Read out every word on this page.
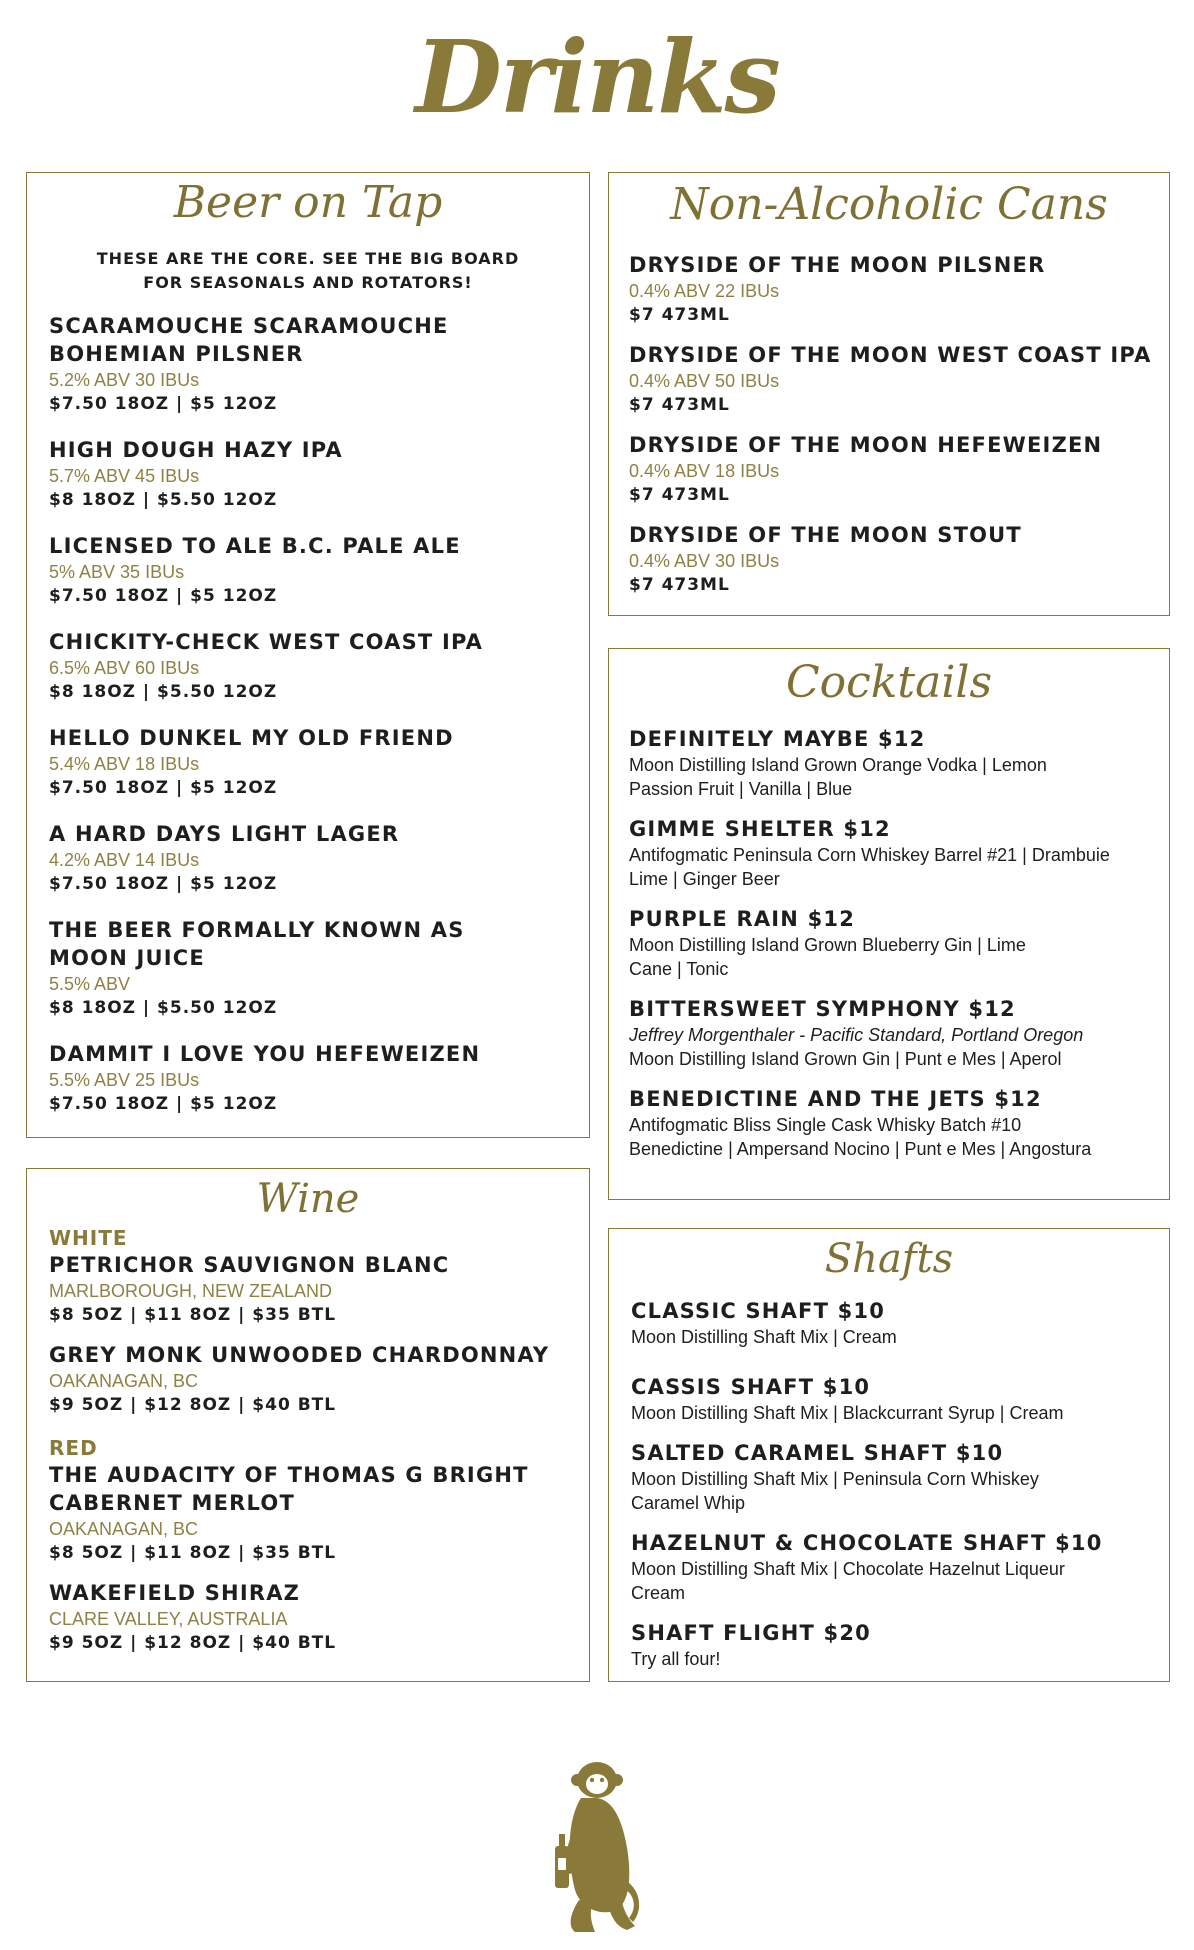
Drinks
Beer on Tap
THESE ARE THE CORE. SEE THE BIG BOARD
FOR SEASONALS AND ROTATORS!
SCARAMOUCHE SCARAMOUCHE
BOHEMIAN PILSNER
5.2% ABV 30 IBUs
$7.50 18OZ | $5 12OZ
HIGH DOUGH HAZY IPA
5.7% ABV 45 IBUs
$8 18OZ | $5.50 12OZ
LICENSED TO ALE B.C. PALE ALE
5% ABV 35 IBUs
$7.50 18OZ | $5 12OZ
CHICKITY-CHECK WEST COAST IPA
6.5% ABV 60 IBUs
$8 18OZ | $5.50 12OZ
HELLO DUNKEL MY OLD FRIEND
5.4% ABV 18 IBUs
$7.50 18OZ | $5 12OZ
A HARD DAYS LIGHT LAGER
4.2% ABV 14 IBUs
$7.50 18OZ | $5 12OZ
THE BEER FORMALLY KNOWN AS
MOON JUICE
5.5% ABV
$8 18OZ | $5.50 12OZ
DAMMIT I LOVE YOU HEFEWEIZEN
5.5% ABV 25 IBUs
$7.50 18OZ | $5 12OZ
Non-Alcoholic Cans
DRYSIDE OF THE MOON PILSNER
0.4% ABV 22 IBUs
$7 473ML
DRYSIDE OF THE MOON WEST COAST IPA
0.4% ABV 50 IBUs
$7 473ML
DRYSIDE OF THE MOON HEFEWEIZEN
0.4% ABV 18 IBUs
$7 473ML
DRYSIDE OF THE MOON STOUT
0.4% ABV 30 IBUs
$7 473ML
Cocktails
DEFINITELY MAYBE $12
Moon Distilling Island Grown Orange Vodka | Lemon
Passion Fruit | Vanilla | Blue
GIMME SHELTER $12
Antifogmatic Peninsula Corn Whiskey Barrel #21 | Drambuie
Lime | Ginger Beer
PURPLE RAIN $12
Moon Distilling Island Grown Blueberry Gin | Lime
Cane | Tonic
BITTERSWEET SYMPHONY $12
Jeffrey Morgenthaler - Pacific Standard, Portland Oregon
Moon Distilling Island Grown Gin | Punt e Mes | Aperol
BENEDICTINE AND THE JETS $12
Antifogmatic Bliss Single Cask Whisky Batch #10
Benedictine | Ampersand Nocino | Punt e Mes | Angostura
Wine
WHITE
PETRICHOR SAUVIGNON BLANC
MARLBOROUGH, NEW ZEALAND
$8 5OZ | $11 8OZ | $35 BTL
GREY MONK UNWOODED CHARDONNAY
OAKANAGAN, BC
$9 5OZ | $12 8OZ | $40 BTL
RED
THE AUDACITY OF THOMAS G BRIGHT
CABERNET MERLOT
OAKANAGAN, BC
$8 5OZ | $11 8OZ | $35 BTL
WAKEFIELD SHIRAZ
CLARE VALLEY, AUSTRALIA
$9 5OZ | $12 8OZ | $40 BTL
Shafts
CLASSIC SHAFT $10
Moon Distilling Shaft Mix | Cream
CASSIS SHAFT $10
Moon Distilling Shaft Mix | Blackcurrant Syrup | Cream
SALTED CARAMEL SHAFT $10
Moon Distilling Shaft Mix | Peninsula Corn Whiskey
Caramel Whip
HAZELNUT & CHOCOLATE SHAFT $10
Moon Distilling Shaft Mix | Chocolate Hazelnut Liqueur
Cream
SHAFT FLIGHT $20
Try all four!
